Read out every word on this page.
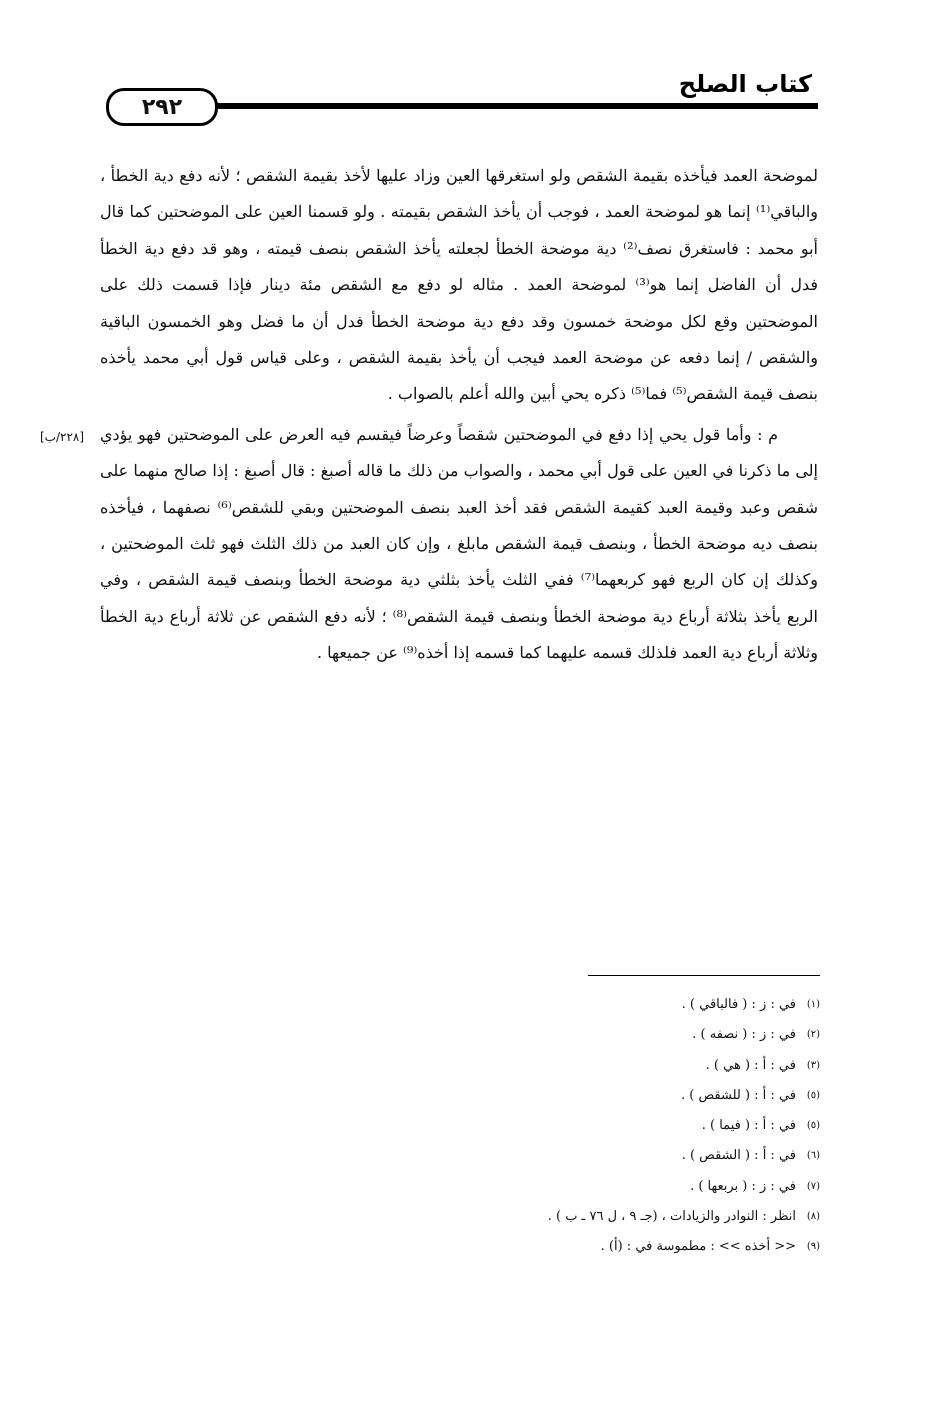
كتاب الصلح
٢٩٢

لموضحة العمد فيأخذه بقيمة الشقص ولو استغرقها العين وزاد عليها لأخذ بقيمة الشقص ؛ لأنه دفع دية الخطأ ، والباقي⁽¹⁾ إنما هو لموضحة العمد ، فوجب أن يأخذ الشقص بقيمته . ولو قسمنا العين على الموضحتين كما قال أبو محمد : فاستغرق نصف⁽²⁾ دية موضحة الخطأ لجعلته يأخذ الشقص بنصف قيمته ، وهو قد دفع دية الخطأ فدل أن الفاضل إنما هو⁽³⁾ لموضحة العمد . مثاله لو دفع مع الشقص مئة دينار فإذا قسمت ذلك على الموضحتين وقع لكل موضحة خمسون وقد دفع دية موضحة الخطأ فدل أن ما فضل وهو الخمسون الباقية والشقص / إنما دفعه عن موضحة العمد فيجب أن يأخذ بقيمة الشقص ، وعلى قياس قول أبي محمد يأخذه بنصف قيمة الشقص⁽⁵⁾ فما⁽⁵⁾ ذكره يحي أبين والله أعلم بالصواب .

م : وأما قول يحي إذا دفع في الموضحتين شقصاً وعرضاً فيقسم فيه العرض على الموضحتين فهو يؤدي إلى ما ذكرنا في العين على قول أبي محمد ، والصواب من ذلك ما قاله أصبغ : قال أصبغ : إذا صالح منهما على شقص وعبد وقيمة العبد كقيمة الشقص فقد أخذ العبد بنصف الموضحتين وبقي للشقص⁽⁶⁾ نصفهما ، فيأخذه بنصف ديه موضحة الخطأ ، وبنصف قيمة الشقص مابلغ ، وإن كان العبد من ذلك الثلث فهو ثلث الموضحتين ، وكذلك إن كان الربع فهو كربعهما⁽⁷⁾ ففي الثلث يأخذ بثلثي دية موضحة الخطأ وبنصف قيمة الشقص ، وفي الربع يأخذ بثلاثة أرباع دية موضحة الخطأ وبنصف قيمة الشقص⁽⁸⁾ ؛ لأنه دفع الشقص عن ثلاثة أرباع دية الخطأ وثلاثة أرباع دية العمد فلذلك قسمه عليهما كما قسمه إذا أخذه⁽⁹⁾ عن جميعها .

[٢٢٨/ب]
(١)في : ز : ( فالباقي ) .
(٢)في : ز : ( نصفه ) .
(٣)في : أ : ( هي ) .
(٥)في : أ : ( للشقص ) .
(٥)في : أ : ( فيما ) .
(٦)في : أ : ( الشقص ) .
(٧)في : ز : ( بربعها ) .
(٨)انظر : النوادر والزيادات ، (جـ ٩ ، ل ٧٦ ـ ب ) .
(٩)<< أخذه >> : مطموسة في : (أ) .
